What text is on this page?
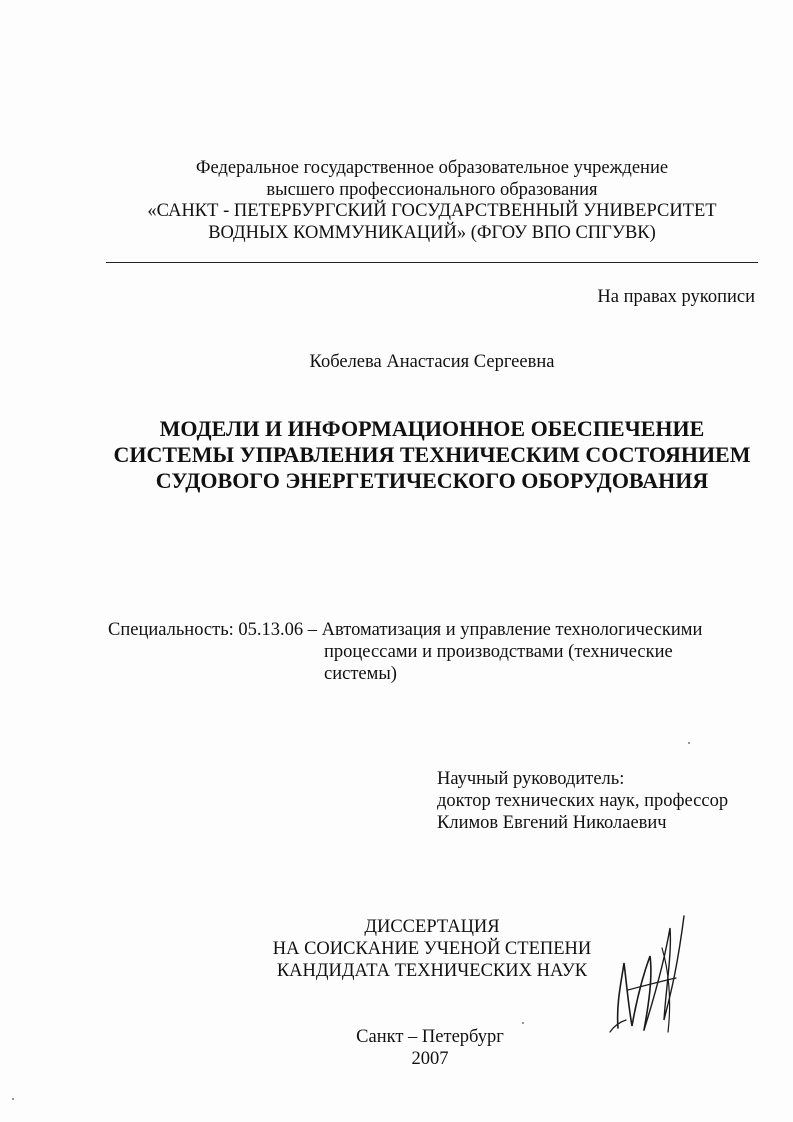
Федеральное государственное образовательное учреждение
высшего профессионального образования
«САНКТ - ПЕТЕРБУРГСКИЙ ГОСУДАРСТВЕННЫЙ УНИВЕРСИТЕТ
ВОДНЫХ КОММУНИКАЦИЙ» (ФГОУ ВПО СПГУВК)
На правах рукописи
Кобелева Анастасия Сергеевна
МОДЕЛИ И ИНФОРМАЦИОННОЕ ОБЕСПЕЧЕНИЕ
СИСТЕМЫ УПРАВЛЕНИЯ ТЕХНИЧЕСКИМ СОСТОЯНИЕМ
СУДОВОГО ЭНЕРГЕТИЧЕСКОГО ОБОРУДОВАНИЯ
Специальность: 05.13.06 – Автоматизация и управление технологическими
процессами и производствами (технические
системы)
Научный руководитель:
доктор технических наук, профессор
Климов Евгений Николаевич
ДИССЕРТАЦИЯ
НА СОИСКАНИЕ УЧЕНОЙ СТЕПЕНИ
КАНДИДАТА ТЕХНИЧЕСКИХ НАУК
Санкт – Петербург
2007
